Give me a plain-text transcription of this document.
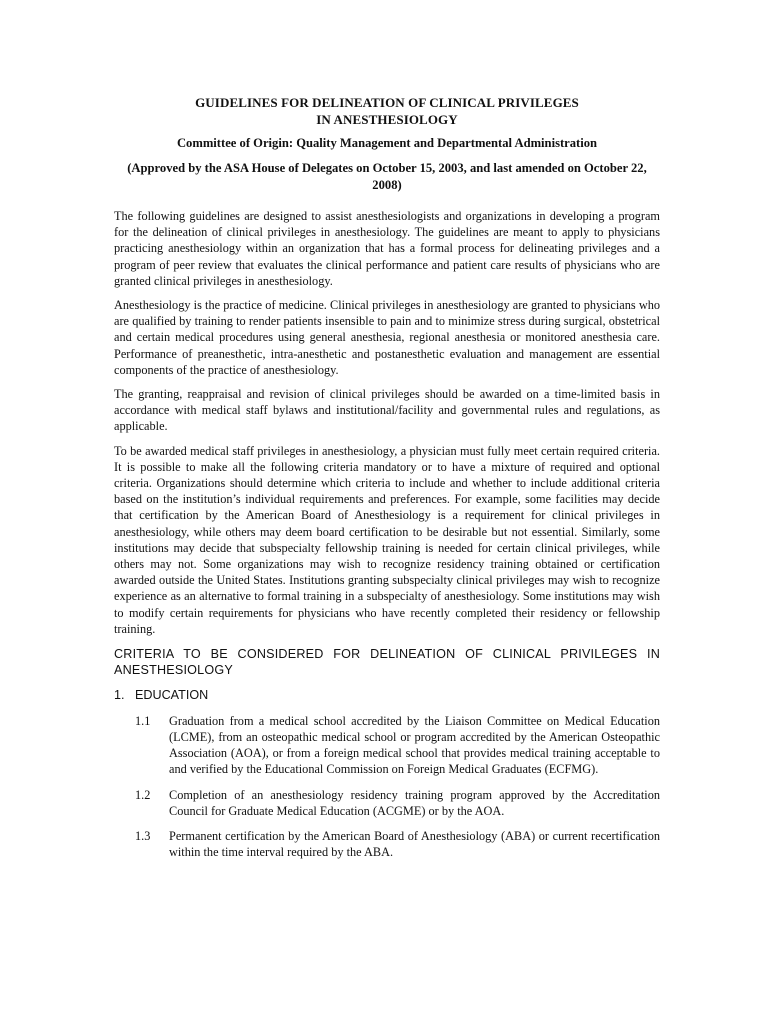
GUIDELINES FOR DELINEATION OF CLINICAL PRIVILEGES
IN ANESTHESIOLOGY
Committee of Origin: Quality Management and Departmental Administration
(Approved by the ASA House of Delegates on October 15, 2003, and last amended on October 22, 2008)

The following guidelines are designed to assist anesthesiologists and organizations in developing a program for the delineation of clinical privileges in anesthesiology. The guidelines are meant to apply to physicians practicing anesthesiology within an organization that has a formal process for delineating privileges and a program of peer review that evaluates the clinical performance and patient care results of physicians who are granted clinical privileges in anesthesiology.

Anesthesiology is the practice of medicine. Clinical privileges in anesthesiology are granted to physicians who are qualified by training to render patients insensible to pain and to minimize stress during surgical, obstetrical and certain medical procedures using general anesthesia, regional anesthesia or monitored anesthesia care. Performance of preanesthetic, intra-anesthetic and postanesthetic evaluation and management are essential components of the practice of anesthesiology.

The granting, reappraisal and revision of clinical privileges should be awarded on a time-limited basis in accordance with medical staff bylaws and institutional/facility and governmental rules and regulations, as applicable.

To be awarded medical staff privileges in anesthesiology, a physician must fully meet certain required criteria. It is possible to make all the following criteria mandatory or to have a mixture of required and optional criteria. Organizations should determine which criteria to include and whether to include additional criteria based on the institution’s individual requirements and preferences. For example, some facilities may decide that certification by the American Board of Anesthesiology is a requirement for clinical privileges in anesthesiology, while others may deem board certification to be desirable but not essential. Similarly, some institutions may decide that subspecialty fellowship training is needed for certain clinical privileges, while others may not. Some organizations may wish to recognize residency training obtained or certification awarded outside the United States. Institutions granting subspecialty clinical privileges may wish to recognize experience as an alternative to formal training in a subspecialty of anesthesiology. Some institutions may wish to modify certain requirements for physicians who have recently completed their residency or fellowship training.

CRITERIA TO BE CONSIDERED FOR DELINEATION OF CLINICAL PRIVILEGES IN ANESTHESIOLOGY
1. EDUCATION
1.1	Graduation from a medical school accredited by the Liaison Committee on Medical Education (LCME), from an osteopathic medical school or program accredited by the American Osteopathic Association (AOA), or from a foreign medical school that provides medical training acceptable to and verified by the Educational Commission on Foreign Medical Graduates (ECFMG).
1.2	Completion of an anesthesiology residency training program approved by the Accreditation Council for Graduate Medical Education (ACGME) or by the AOA.
1.3	Permanent certification by the American Board of Anesthesiology (ABA) or current recertification within the time interval required by the ABA.
